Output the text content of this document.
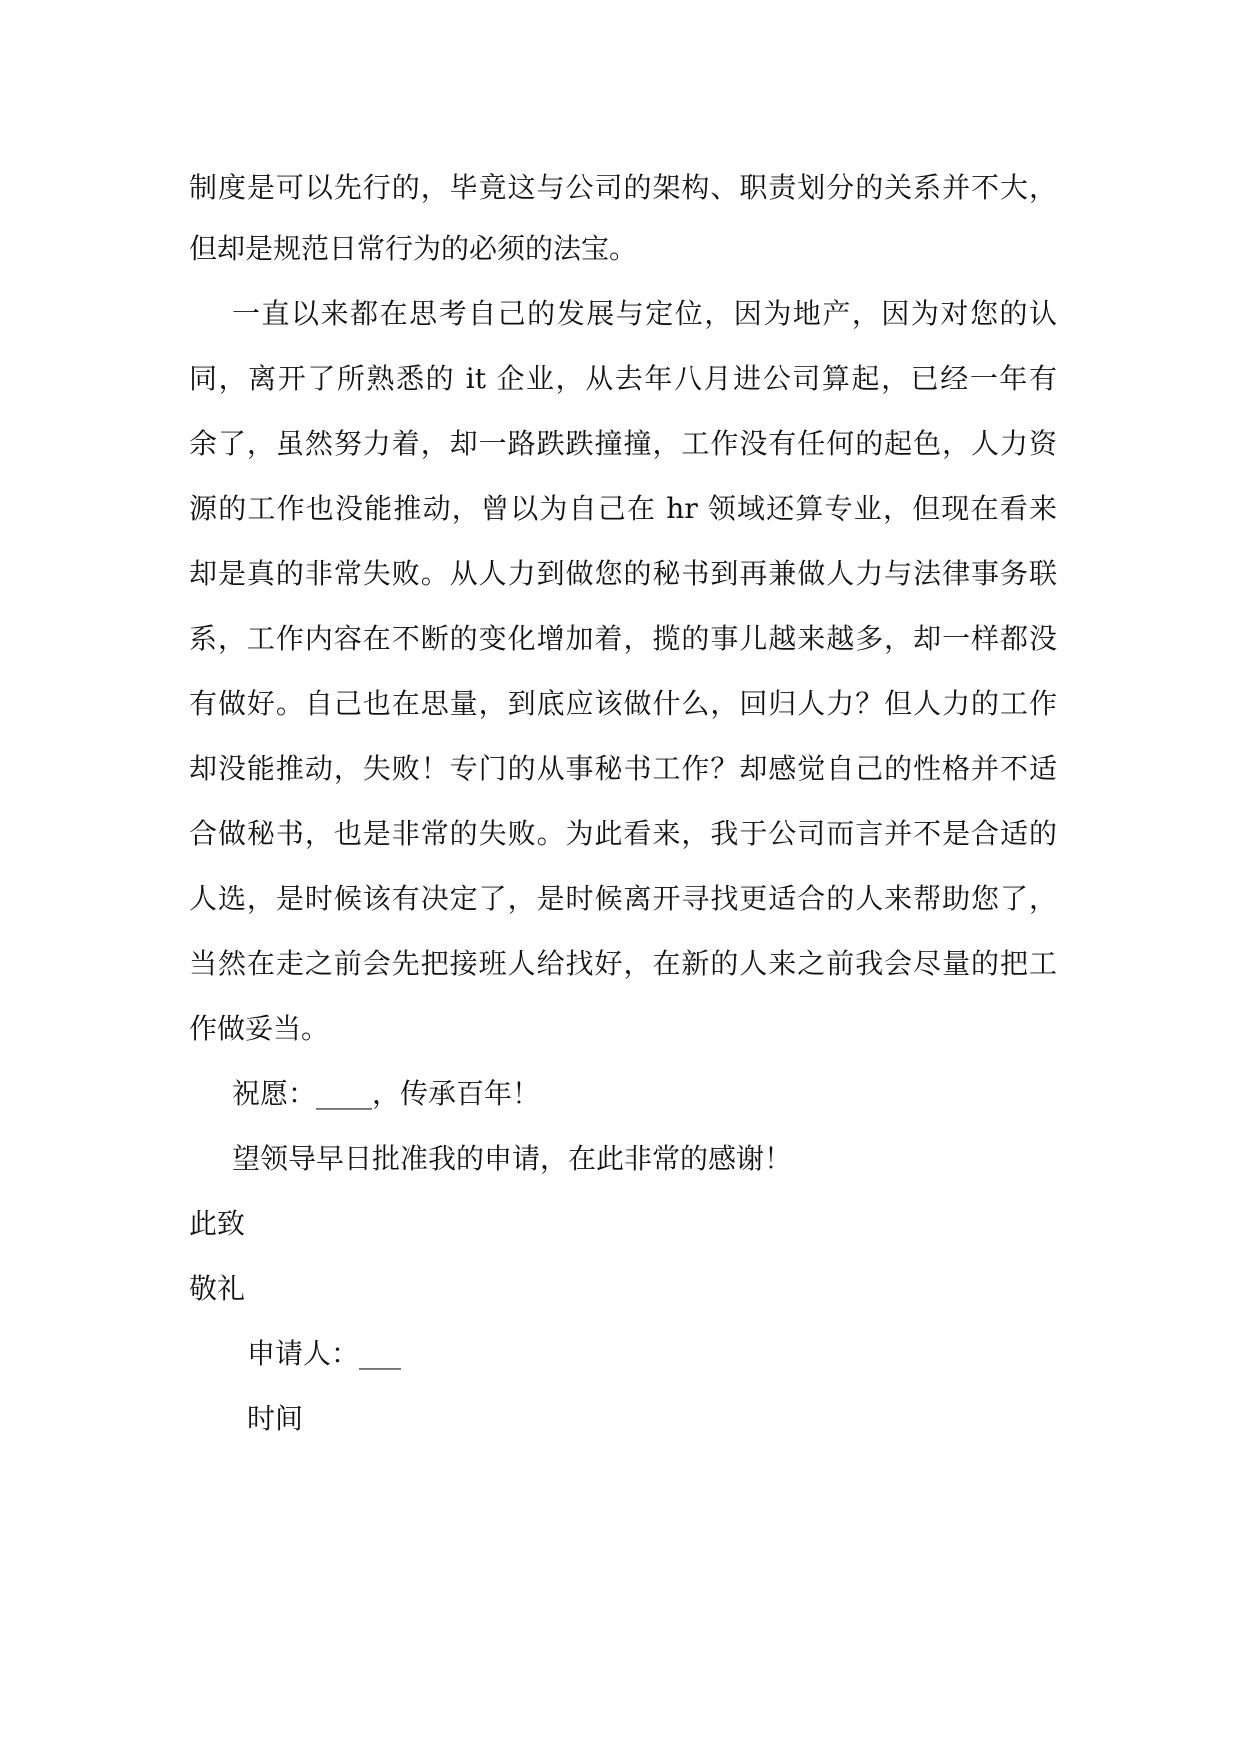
制度是可以先行的，毕竟这与公司的架构、职责划分的关系并不大，
但却是规范日常行为的必须的法宝。
一直以来都在思考自己的发展与定位，因为地产，因为对您的认
同，离开了所熟悉的 it 企业，从去年八月进公司算起，已经一年有
余了，虽然努力着，却一路跌跌撞撞，工作没有任何的起色，人力资
源的工作也没能推动，曾以为自己在 hr 领域还算专业，但现在看来
却是真的非常失败。从人力到做您的秘书到再兼做人力与法律事务联
系，工作内容在不断的变化增加着，揽的事儿越来越多，却一样都没
有做好。自己也在思量，到底应该做什么，回归人力？但人力的工作
却没能推动，失败！专门的从事秘书工作？却感觉自己的性格并不适
合做秘书，也是非常的失败。为此看来，我于公司而言并不是合适的
人选，是时候该有决定了，是时候离开寻找更适合的人来帮助您了，
当然在走之前会先把接班人给找好，在新的人来之前我会尽量的把工
作做妥当。
祝愿：____，传承百年！
望领导早日批准我的申请，在此非常的感谢！
此致
敬礼
申请人：___
时间
